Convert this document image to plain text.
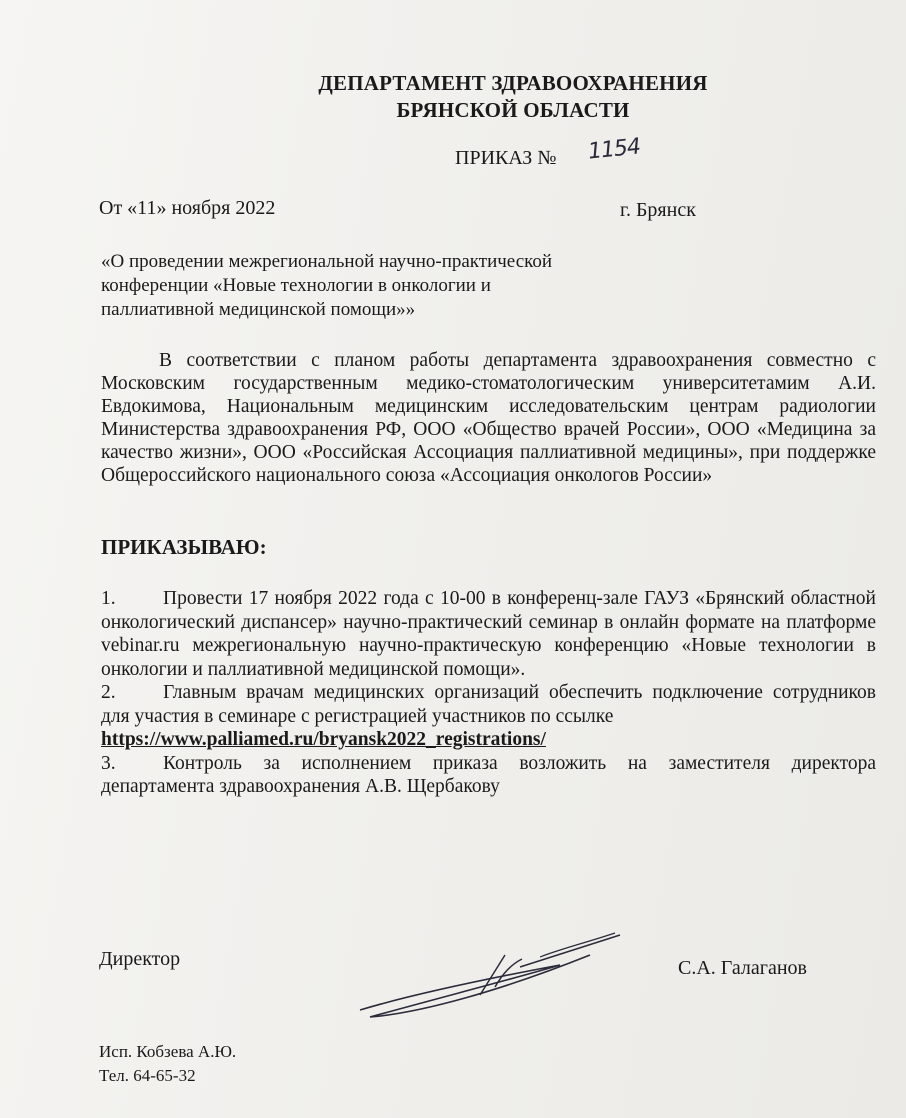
ДЕПАРТАМЕНТ ЗДРАВООХРАНЕНИЯ
БРЯНСКОЙ ОБЛАСТИ
ПРИКАЗ № 1154
От «11» ноября 2022	г. Брянск
«О проведении межрегиональной научно-практической
конференции «Новые технологии в онкологии и
паллиативной медицинской помощи»»
В соответствии с планом работы департамента здравоохранения совместно с Московским государственным медико-стоматологическим университетамим А.И. Евдокимова, Национальным медицинским исследовательским центрам радиологии Министерства здравоохранения РФ, ООО «Общество врачей России», ООО «Медицина за качество жизни», ООО «Российская Ассоциация паллиативной медицины», при поддержке Общероссийского национального союза «Ассоциация онкологов России»
ПРИКАЗЫВАЮ:
1. Провести 17 ноября 2022 года с 10-00 в конференц-зале ГАУЗ «Брянский областной онкологический диспансер» научно-практический семинар в онлайн формате на платформе vebinar.ru межрегиональную научно-практическую конференцию «Новые технологии в онкологии и паллиативной медицинской помощи».
2. Главным врачам медицинских организаций обеспечить подключение сотрудников для участия в семинаре с регистрацией участников по ссылке
https://www.palliamed.ru/bryansk2022_registrations/
3. Контроль за исполнением приказа возложить на заместителя директора департамента здравоохранения А.В. Щербакову
Директор	С.А. Галаганов
Исп. Кобзева А.Ю.
Тел. 64-65-32
